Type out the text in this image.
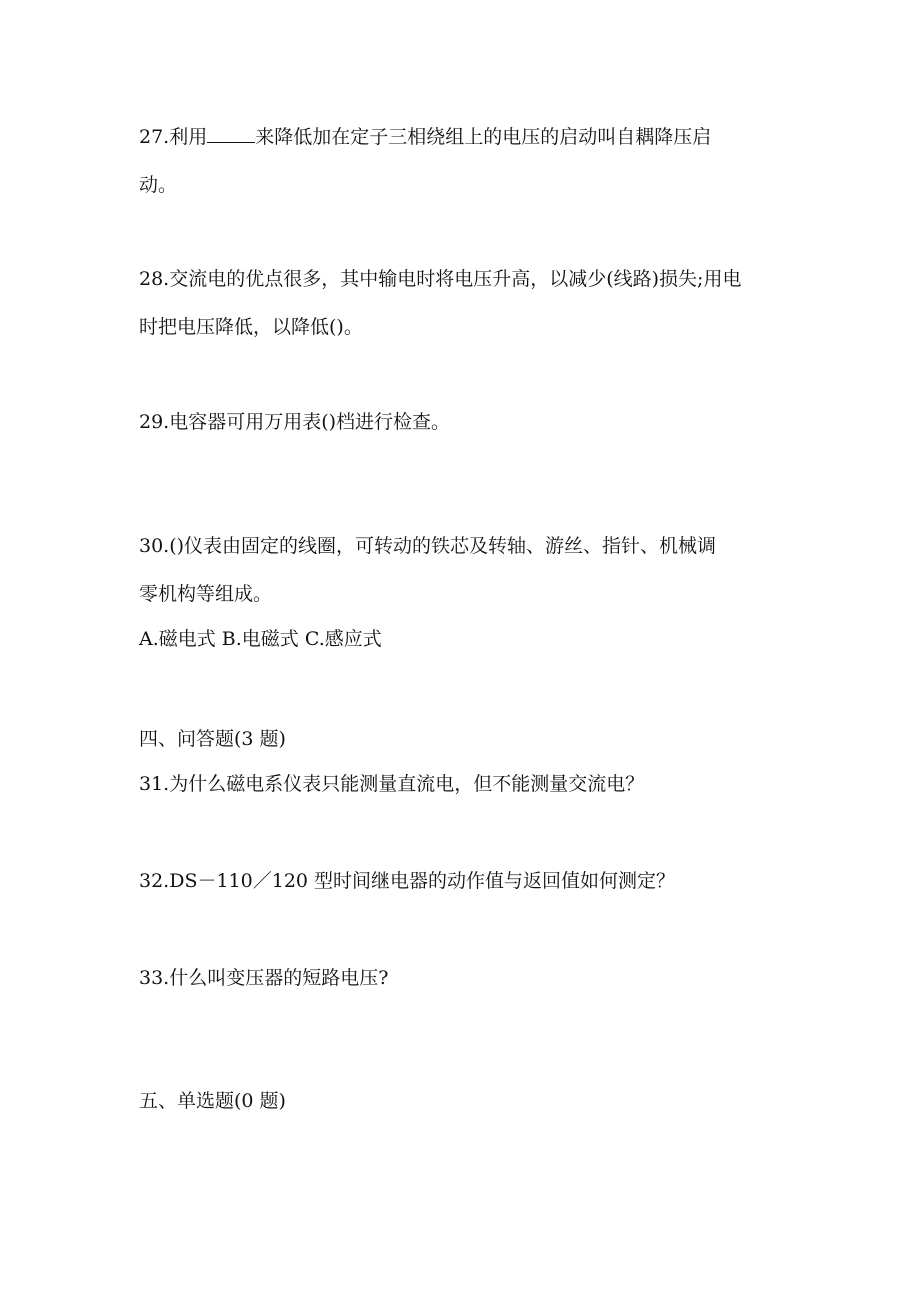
27.利用	来降低加在定子三相绕组上的电压的启动叫自耦降压启
动。
28.交流电的优点很多，其中输电时将电压升高，以减少(线路)损失;用电
时把电压降低，以降低()。
29.电容器可用万用表()档进行检查。
30.()仪表由固定的线圈，可转动的铁芯及转轴、游丝、指针、机械调
零机构等组成。
A.磁电式 B.电磁式 C.感应式
四、问答题(3 题)
31.为什么磁电系仪表只能测量直流电，但不能测量交流电？
32.DS－110／120 型时间继电器的动作值与返回值如何测定？
33.什么叫变压器的短路电压?
五、单选题(0 题)
